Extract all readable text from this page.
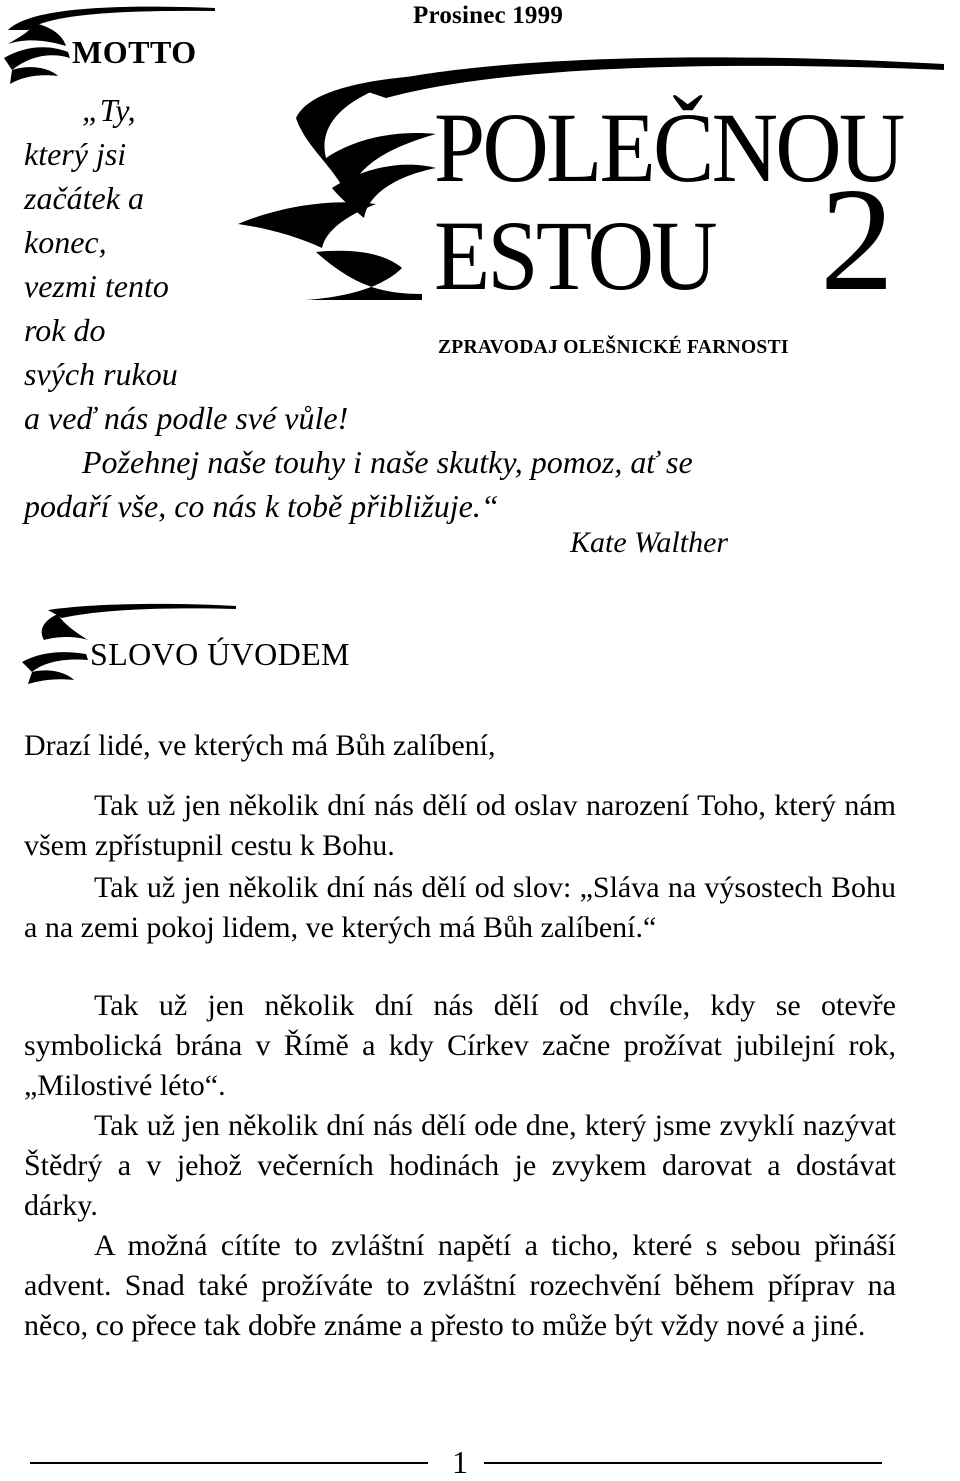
Prosinec 1999
MOTTO
POLEČNOU
ESTOU 2
ZPRAVODAJ OLEŠNICKÉ FARNOSTI
„Ty,
který jsi
začátek a
konec,
vezmi tento
rok do
svých rukou
a veď nás podle své vůle!
Požehnej naše touhy i naše skutky, pomoz, ať se
podaří vše, co nás k tobě přibližuje.“
Kate Walther
SLOVO ÚVODEM
Drazí lidé, ve kterých má Bůh zalíbení,
Tak už jen několik dní nás dělí od oslav narození Toho, který nám všem zpřístupnil cestu k Bohu.
Tak už jen několik dní nás dělí od slov: „Sláva na výsostech Bohu a na zemi pokoj lidem, ve kterých má Bůh zalíbení.“
Tak už jen několik dní nás dělí od chvíle, kdy se otevře symbolická brána v Římě a kdy Církev začne prožívat jubilejní rok, „Milostivé léto“.
Tak už jen několik dní nás dělí ode dne, který jsme zvyklí nazývat Štědrý a v jehož večerních hodinách je zvykem darovat a dostávat dárky.
A možná cítíte to zvláštní napětí a ticho, které s sebou přináší advent. Snad také prožíváte to zvláštní rozechvění během příprav na něco, co přece tak dobře známe a přesto to může být vždy nové a jiné.
1
